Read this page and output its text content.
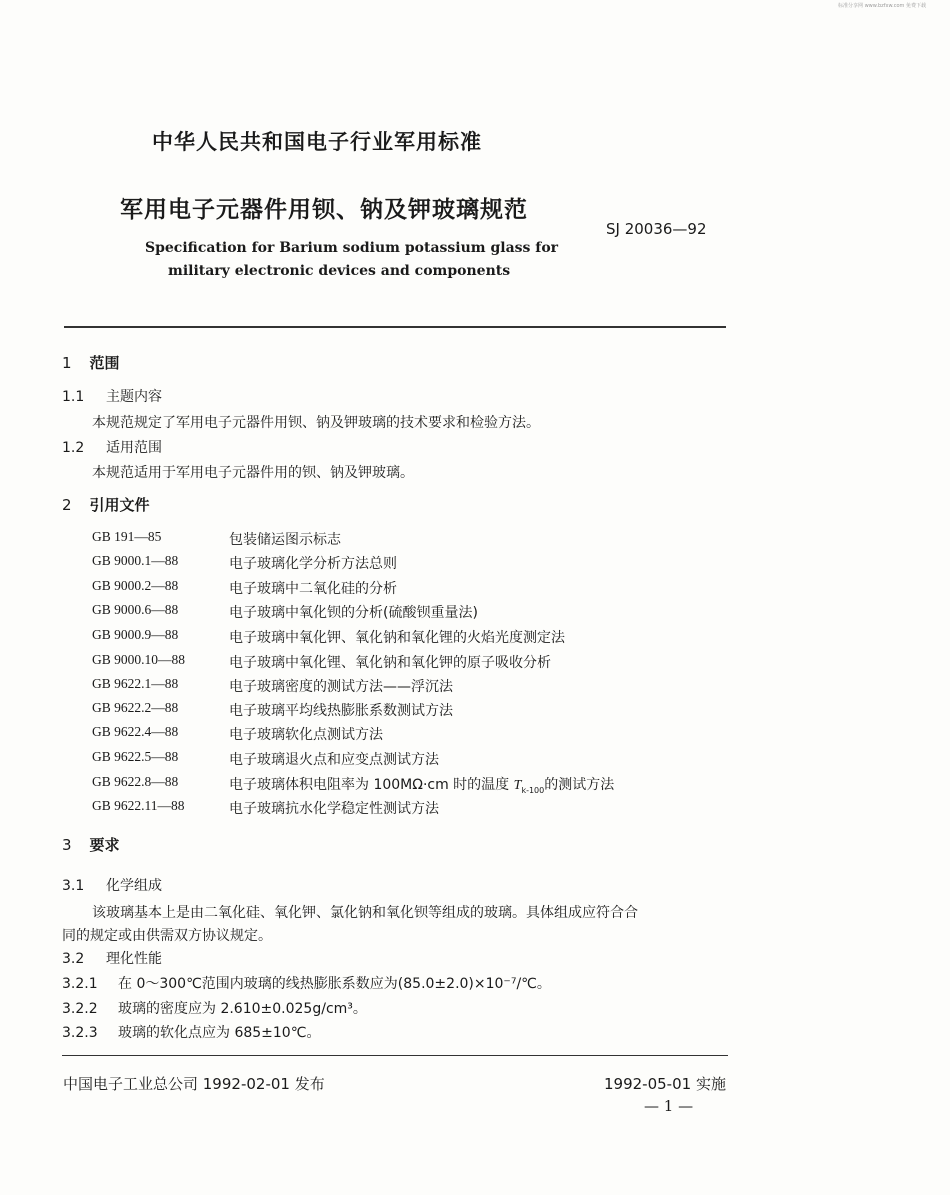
标准分享网 www.bzfxw.com 免费下载
中华人民共和国电子行业军用标准
军用电子元器件用钡、钠及钾玻璃规范
SJ 20036—92
Specification for Barium sodium potassium glass for
military electronic devices and components
1 范围
1.1 主题内容
本规范规定了军用电子元器件用钡、钠及钾玻璃的技术要求和检验方法。
1.2 适用范围
本规范适用于军用电子元器件用的钡、钠及钾玻璃。
2 引用文件
GB 191—85	包装储运图示标志
GB 9000.1—88	电子玻璃化学分析方法总则
GB 9000.2—88	电子玻璃中二氧化硅的分析
GB 9000.6—88	电子玻璃中氧化钡的分析(硫酸钡重量法)
GB 9000.9—88	电子玻璃中氧化钾、氧化钠和氧化锂的火焰光度测定法
GB 9000.10—88	电子玻璃中氧化锂、氧化钠和氧化钾的原子吸收分析
GB 9622.1—88	电子玻璃密度的测试方法——浮沉法
GB 9622.2—88	电子玻璃平均线热膨胀系数测试方法
GB 9622.4—88	电子玻璃软化点测试方法
GB 9622.5—88	电子玻璃退火点和应变点测试方法
GB 9622.8—88	电子玻璃体积电阻率为 100MΩ·cm 时的温度 $T_{k-100}$的测试方法
GB 9622.11—88	电子玻璃抗水化学稳定性测试方法
3 要求
3.1 化学组成
该玻璃基本上是由二氧化硅、氧化钾、氯化钠和氧化钡等组成的玻璃。具体组成应符合合
同的规定或由供需双方协议规定。
3.2 理化性能
3.2.1 在 0～300℃范围内玻璃的线热膨胀系数应为(85.0±2.0)×10⁻⁷/℃。
3.2.2 玻璃的密度应为 2.610±0.025g/cm³。
3.2.3 玻璃的软化点应为 685±10℃。
中国电子工业总公司 1992-02-01 发布	1992-05-01 实施
— 1 —
